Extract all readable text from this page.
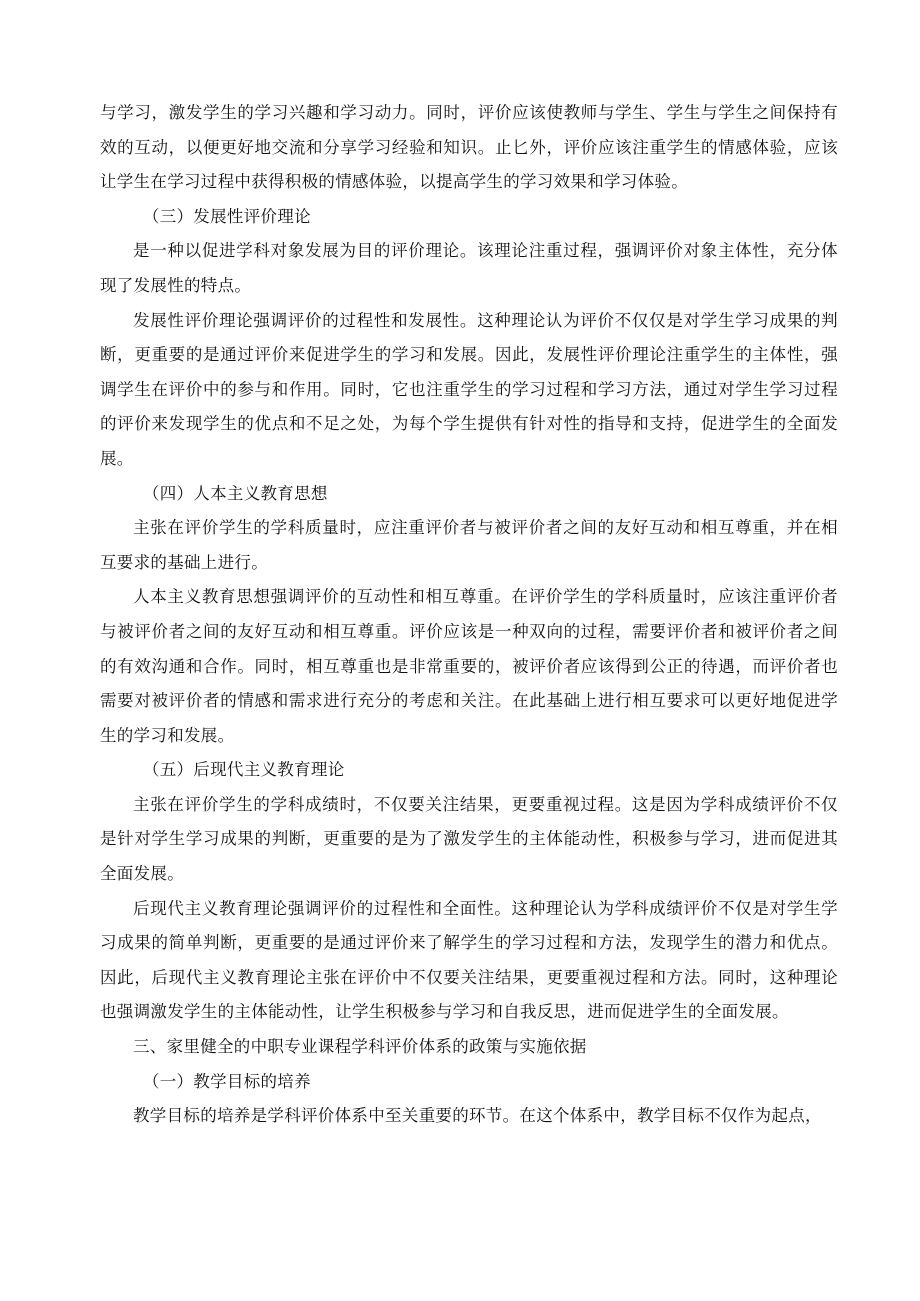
与学习，激发学生的学习兴趣和学习动力。同时，评价应该使教师与学生、学生与学生之间保持有效的互动，以便更好地交流和分享学习经验和知识。止匕外，评价应该注重学生的情感体验，应该让学生在学习过程中获得积极的情感体验，以提高学生的学习效果和学习体验。

（三）发展性评价理论

是一种以促进学科对象发展为目的评价理论。该理论注重过程，强调评价对象主体性，充分体现了发展性的特点。

发展性评价理论强调评价的过程性和发展性。这种理论认为评价不仅仅是对学生学习成果的判断，更重要的是通过评价来促进学生的学习和发展。因此，发展性评价理论注重学生的主体性，强调学生在评价中的参与和作用。同时，它也注重学生的学习过程和学习方法，通过对学生学习过程的评价来发现学生的优点和不足之处，为每个学生提供有针对性的指导和支持，促进学生的全面发展。

（四）人本主义教育思想

主张在评价学生的学科质量时，应注重评价者与被评价者之间的友好互动和相互尊重，并在相互要求的基础上进行。

人本主义教育思想强调评价的互动性和相互尊重。在评价学生的学科质量时，应该注重评价者与被评价者之间的友好互动和相互尊重。评价应该是一种双向的过程，需要评价者和被评价者之间的有效沟通和合作。同时，相互尊重也是非常重要的，被评价者应该得到公正的待遇，而评价者也需要对被评价者的情感和需求进行充分的考虑和关注。在此基础上进行相互要求可以更好地促进学生的学习和发展。

（五）后现代主义教育理论

主张在评价学生的学科成绩时，不仅要关注结果，更要重视过程。这是因为学科成绩评价不仅是针对学生学习成果的判断，更重要的是为了激发学生的主体能动性，积极参与学习，进而促进其全面发展。

后现代主义教育理论强调评价的过程性和全面性。这种理论认为学科成绩评价不仅是对学生学习成果的简单判断，更重要的是通过评价来了解学生的学习过程和方法，发现学生的潜力和优点。因此，后现代主义教育理论主张在评价中不仅要关注结果，更要重视过程和方法。同时，这种理论也强调激发学生的主体能动性，让学生积极参与学习和自我反思，进而促进学生的全面发展。

三、家里健全的中职专业课程学科评价体系的政策与实施依据

（一）教学目标的培养

教学目标的培养是学科评价体系中至关重要的环节。在这个体系中，教学目标不仅作为起点，
